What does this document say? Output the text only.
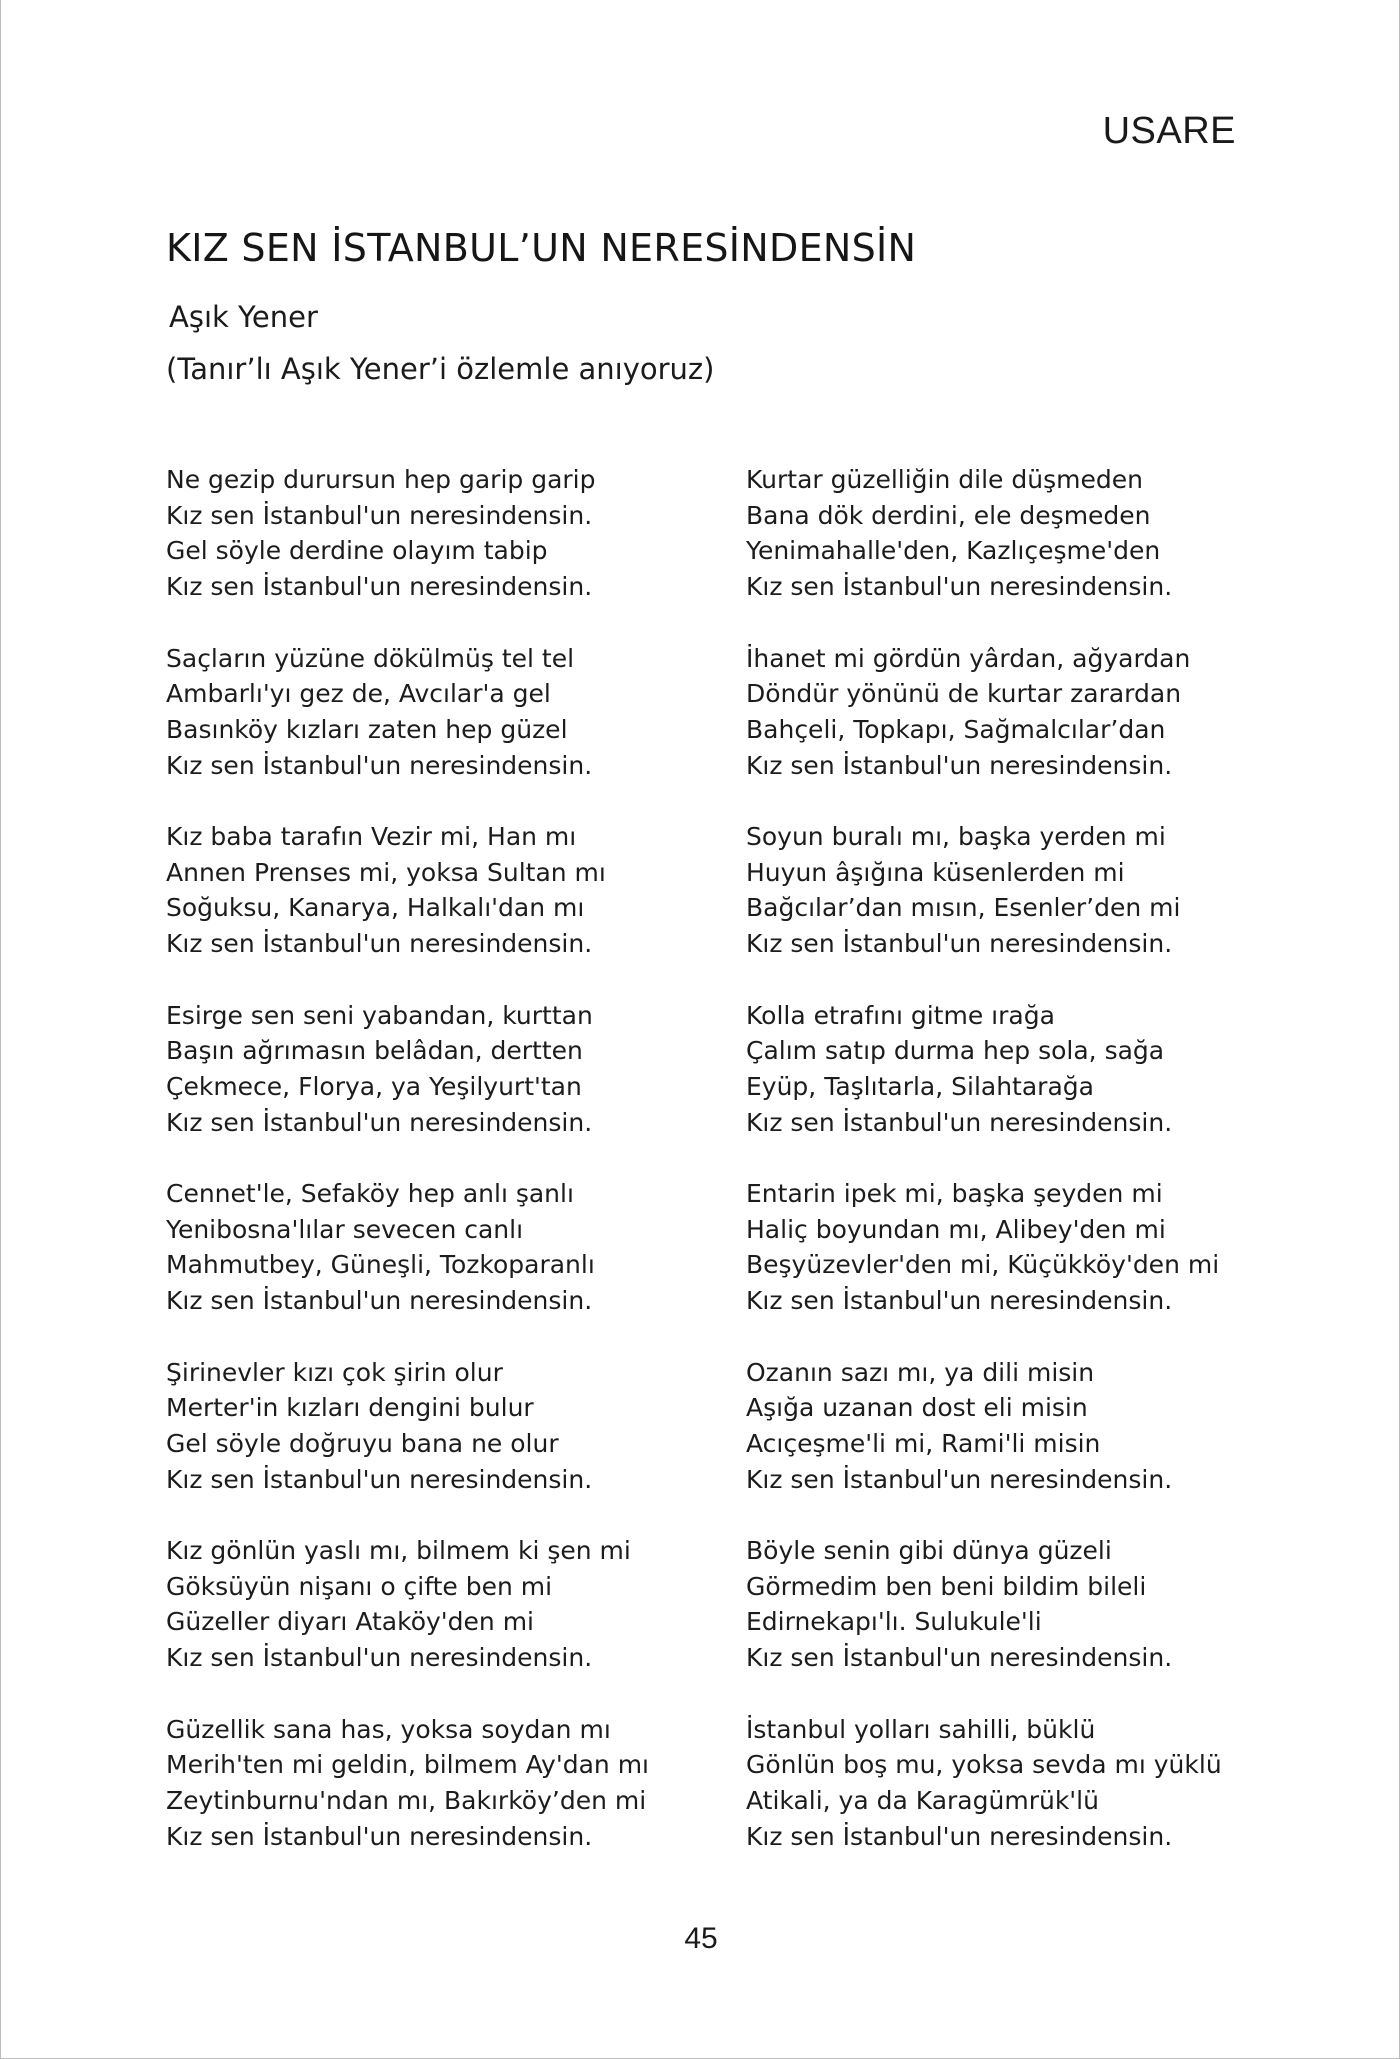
USARE
KIZ SEN İSTANBUL’UN NERESİNDENSİN
Aşık Yener
(Tanır’lı Aşık Yener’i özlemle anıyoruz)
Ne gezip durursun hep garip garip
Kız sen İstanbul'un neresindensin.
Gel söyle derdine olayım tabip
Kız sen İstanbul'un neresindensin.
Saçların yüzüne dökülmüş tel tel
Ambarlı'yı gez de, Avcılar'a gel
Basınköy kızları zaten hep güzel
Kız sen İstanbul'un neresindensin.
Kız baba tarafın Vezir mi, Han mı
Annen Prenses mi, yoksa Sultan mı
Soğuksu, Kanarya, Halkalı'dan mı
Kız sen İstanbul'un neresindensin.
Esirge sen seni yabandan, kurttan
Başın ağrımasın belâdan, dertten
Çekmece, Florya, ya Yeşilyurt'tan
Kız sen İstanbul'un neresindensin.
Cennet'le, Sefaköy hep anlı şanlı
Yenibosna'lılar sevecen canlı
Mahmutbey, Güneşli, Tozkoparanlı
Kız sen İstanbul'un neresindensin.
Şirinevler kızı çok şirin olur
Merter'in kızları dengini bulur
Gel söyle doğruyu bana ne olur
Kız sen İstanbul'un neresindensin.
Kız gönlün yaslı mı, bilmem ki şen mi
Göksüyün nişanı o çifte ben mi
Güzeller diyarı Ataköy'den mi
Kız sen İstanbul'un neresindensin.
Güzellik sana has, yoksa soydan mı
Merih'ten mi geldin, bilmem Ay'dan mı
Zeytinburnu'ndan mı, Bakırköy’den mi
Kız sen İstanbul'un neresindensin.
Kurtar güzelliğin dile düşmeden
Bana dök derdini, ele deşmeden
Yenimahalle'den, Kazlıçeşme'den
Kız sen İstanbul'un neresindensin.
İhanet mi gördün yârdan, ağyardan
Döndür yönünü de kurtar zarardan
Bahçeli, Topkapı, Sağmalcılar’dan
Kız sen İstanbul'un neresindensin.
Soyun buralı mı, başka yerden mi
Huyun âşığına küsenlerden mi
Bağcılar’dan mısın, Esenler’den mi
Kız sen İstanbul'un neresindensin.
Kolla etrafını gitme ırağa
Çalım satıp durma hep sola, sağa
Eyüp, Taşlıtarla, Silahtarağa
Kız sen İstanbul'un neresindensin.
Entarin ipek mi, başka şeyden mi
Haliç boyundan mı, Alibey'den mi
Beşyüzevler'den mi, Küçükköy'den mi
Kız sen İstanbul'un neresindensin.
Ozanın sazı mı, ya dili misin
Aşığa uzanan dost eli misin
Acıçeşme'li mi, Rami'li misin
Kız sen İstanbul'un neresindensin.
Böyle senin gibi dünya güzeli
Görmedim ben beni bildim bileli
Edirnekapı'lı. Sulukule'li
Kız sen İstanbul'un neresindensin.
İstanbul yolları sahilli, büklü
Gönlün boş mu, yoksa sevda mı yüklü
Atikali, ya da Karagümrük'lü
Kız sen İstanbul'un neresindensin.
45
